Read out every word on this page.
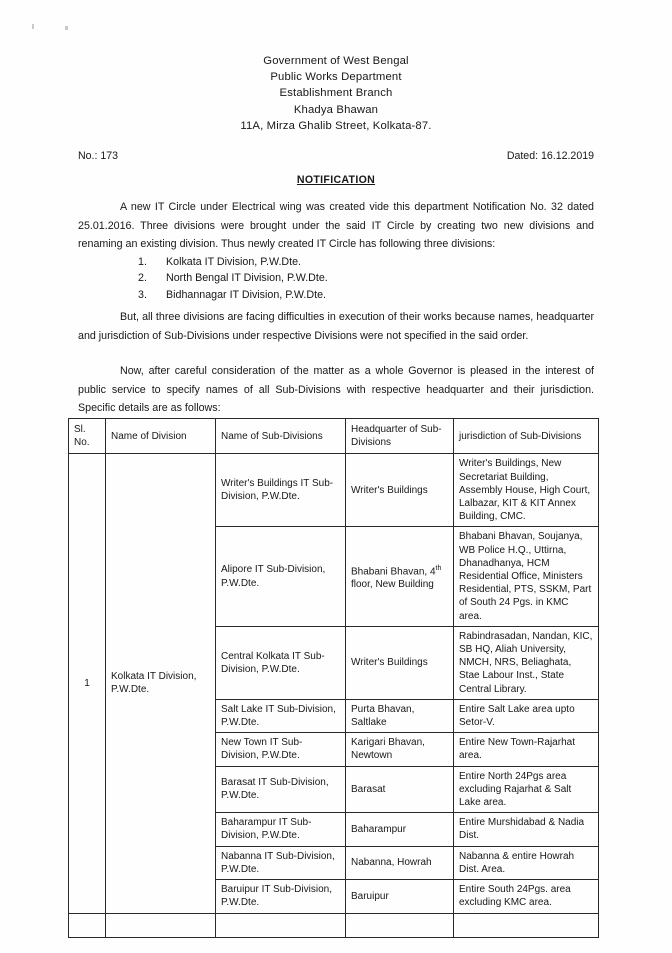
Government of West Bengal
Public Works Department
Establishment Branch
Khadya Bhawan
11A, Mirza Ghalib Street, Kolkata-87.
No.: 173	Dated: 16.12.2019
NOTIFICATION
A new IT Circle under Electrical wing was created vide this department Notification No. 32 dated 25.01.2016. Three divisions were brought under the said IT Circle by creating two new divisions and renaming an existing division. Thus newly created IT Circle has following three divisions:
1.	Kolkata IT Division, P.W.Dte.
2.	North Bengal IT Division, P.W.Dte.
3.	Bidhannagar IT Division, P.W.Dte.
But, all three divisions are facing difficulties in execution of their works because names, headquarter and jurisdiction of Sub-Divisions under respective Divisions were not specified in the said order.
Now, after careful consideration of the matter as a whole Governor is pleased in the interest of public service to specify names of all Sub-Divisions with respective headquarter and their jurisdiction. Specific details are as follows:
Sl. No.	Name of Division	Name of Sub-Divisions	Headquarter of Sub-Divisions	jurisdiction of Sub-Divisions
1	Kolkata IT Division, P.W.Dte.	Writer's Buildings IT Sub-Division, P.W.Dte.	Writer's Buildings	Writer's Buildings, New Secretariat Building, Assembly House, High Court, Lalbazar, KIT & KIT Annex Building, CMC.
		Alipore IT Sub-Division, P.W.Dte.	Bhabani Bhavan, 4th floor, New Building	Bhabani Bhavan, Soujanya, WB Police H.Q., Uttirna, Dhanadhanya, HCM Residential Office, Ministers Residential, PTS, SSKM, Part of South 24 Pgs. in KMC area.
		Central Kolkata IT Sub-Division, P.W.Dte.	Writer's Buildings	Rabindrasadan, Nandan, KIC, SB HQ, Aliah University, NMCH, NRS, Beliaghata, Stae Labour Inst., State Central Library.
		Salt Lake IT Sub-Division, P.W.Dte.	Purta Bhavan, Saltlake	Entire Salt Lake area upto Setor-V.
		New Town IT Sub-Division, P.W.Dte.	Karigari Bhavan, Newtown	Entire New Town-Rajarhat area.
		Barasat IT Sub-Division, P.W.Dte.	Barasat	Entire North 24Pgs area excluding Rajarhat & Salt Lake area.
		Baharampur IT Sub-Division, P.W.Dte.	Baharampur	Entire Murshidabad & Nadia Dist.
		Nabanna IT Sub-Division, P.W.Dte.	Nabanna, Howrah	Nabanna & entire Howrah Dist. Area.
		Baruipur IT Sub-Division, P.W.Dte.	Baruipur	Entire South 24Pgs. area excluding KMC area.
